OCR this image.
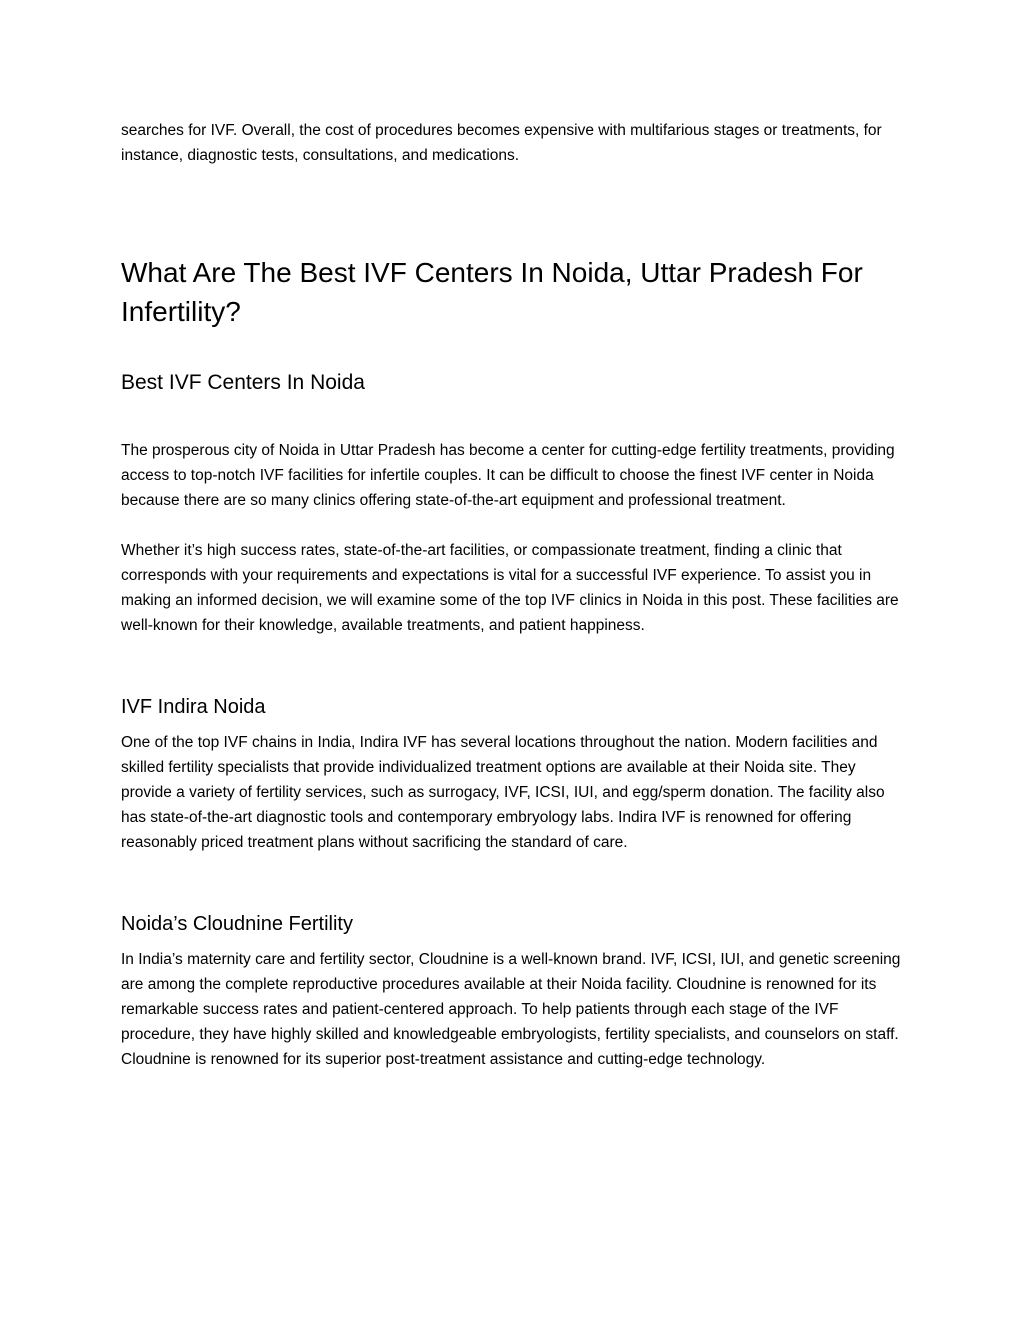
searches for IVF. Overall, the cost of procedures becomes expensive with multifarious stages or treatments, for instance, diagnostic tests, consultations, and medications.

What Are The Best IVF Centers In Noida, Uttar Pradesh For Infertility?
Best IVF Centers In Noida

The prosperous city of Noida in Uttar Pradesh has become a center for cutting-edge fertility treatments, providing access to top-notch IVF facilities for infertile couples. It can be difficult to choose the finest IVF center in Noida because there are so many clinics offering state-of-the-art equipment and professional treatment.

Whether it’s high success rates, state-of-the-art facilities, or compassionate treatment, finding a clinic that corresponds with your requirements and expectations is vital for a successful IVF experience. To assist you in making an informed decision, we will examine some of the top IVF clinics in Noida in this post. These facilities are well-known for their knowledge, available treatments, and patient happiness.

IVF Indira Noida

One of the top IVF chains in India, Indira IVF has several locations throughout the nation. Modern facilities and skilled fertility specialists that provide individualized treatment options are available at their Noida site. They provide a variety of fertility services, such as surrogacy, IVF, ICSI, IUI, and egg/sperm donation. The facility also has state-of-the-art diagnostic tools and contemporary embryology labs. Indira IVF is renowned for offering reasonably priced treatment plans without sacrificing the standard of care.

Noida’s Cloudnine Fertility

In India’s maternity care and fertility sector, Cloudnine is a well-known brand. IVF, ICSI, IUI, and genetic screening are among the complete reproductive procedures available at their Noida facility. Cloudnine is renowned for its remarkable success rates and patient-centered approach. To help patients through each stage of the IVF procedure, they have highly skilled and knowledgeable embryologists, fertility specialists, and counselors on staff. Cloudnine is renowned for its superior post-treatment assistance and cutting-edge technology.
